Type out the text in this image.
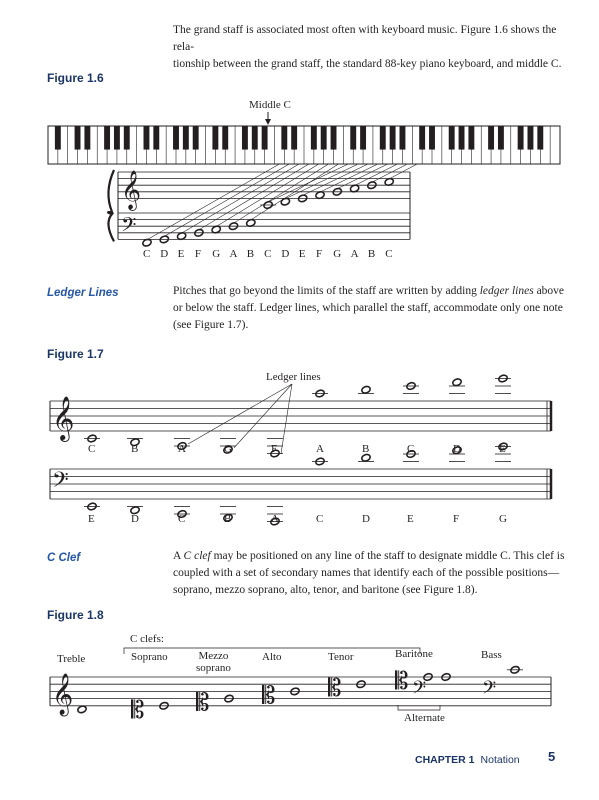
The grand staff is associated most often with keyboard music. Figure 1.6 shows the rela-
tionship between the grand staff, the standard 88-key piano keyboard, and middle C.
Figure 1.6
Middle C
𝄞
𝄢
𝄞
𝄢
𝄞 𝄡 𝄡 𝄡 𝄡 𝄡 𝄢	𝄢
C D E F G A B C D E F G A B C
Ledger Lines	Pitches that go beyond the limits of the staff are written by adding ledger lines above or below the staff. Ledger lines, which parallel the staff, accommodate only one note (see Figure 1.7).
Figure 1.7
Ledger lines
C	B	A	G	F	A	B	C	D	E
E	D	C	B	A	C	D	E	F	G
C Clef	A C clef may be positioned on any line of the staff to designate middle C. This clef is coupled with a set of secondary names that identify each of the possible positions—soprano, mezzo soprano, alto, tenor, and baritone (see Figure 1.8).
Figure 1.8
C clefs:
Treble	Soprano	Mezzo
soprano
Alto	Tenor	Baritone	Bass
Alternate
CHAPTER 1 Notation 5
